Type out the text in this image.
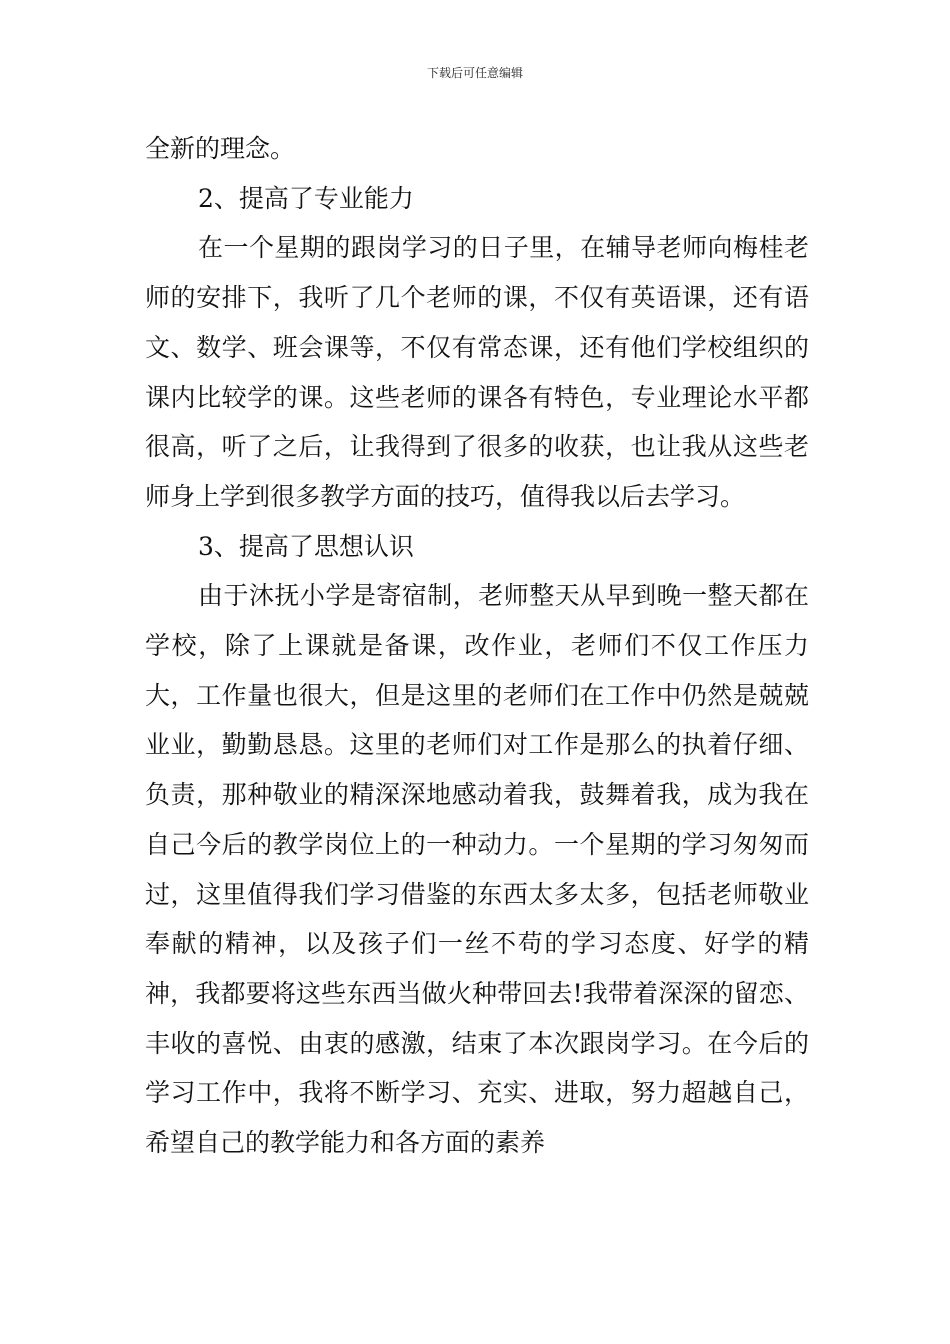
下载后可任意编辑

全新的理念。

2、提高了专业能力

在一个星期的跟岗学习的日子里，在辅导老师向梅桂老师的安排下，我听了几个老师的课，不仅有英语课，还有语文、数学、班会课等，不仅有常态课，还有他们学校组织的课内比较学的课。这些老师的课各有特色，专业理论水平都很高，听了之后，让我得到了很多的收获，也让我从这些老师身上学到很多教学方面的技巧，值得我以后去学习。

3、提高了思想认识

由于沐抚小学是寄宿制，老师整天从早到晚一整天都在学校，除了上课就是备课，改作业，老师们不仅工作压力大，工作量也很大，但是这里的老师们在工作中仍然是兢兢业业，勤勤恳恳。这里的老师们对工作是那么的执着仔细、负责，那种敬业的精深深地感动着我，鼓舞着我，成为我在自己今后的教学岗位上的一种动力。一个星期的学习匆匆而过，这里值得我们学习借鉴的东西太多太多，包括老师敬业奉献的精神，以及孩子们一丝不苟的学习态度、好学的精神，我都要将这些东西当做火种带回去!我带着深深的留恋、丰收的喜悦、由衷的感激，结束了本次跟岗学习。在今后的学习工作中，我将不断学习、充实、进取，努力超越自己，希望自己的教学能力和各方面的素养
